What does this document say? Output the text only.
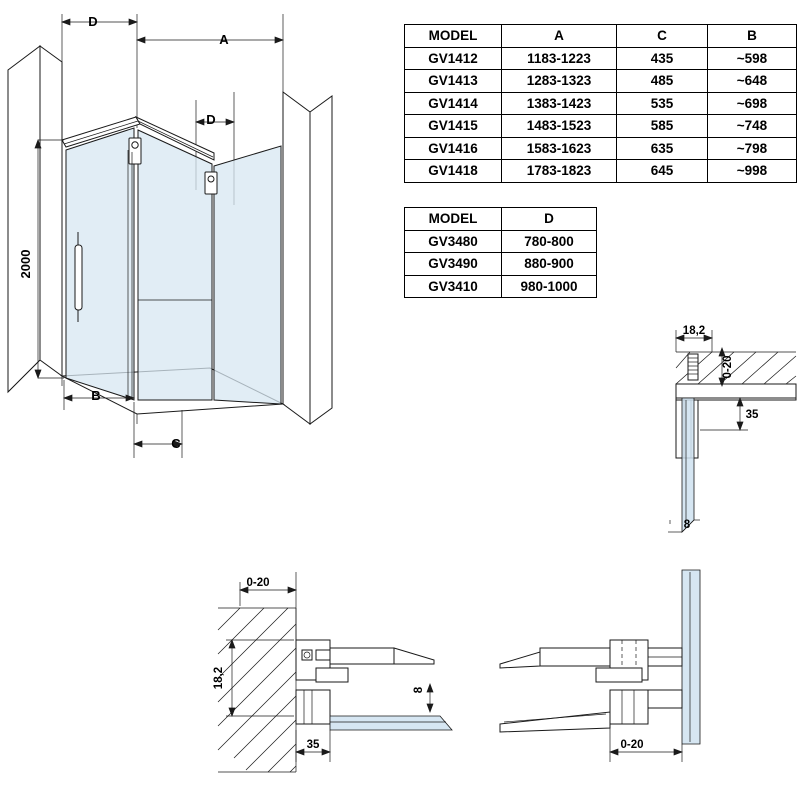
D
A
D
2000
B
C
MODEL	A	C	B
GV1412	1183-1223	435	~598
GV1413	1283-1323	485	~648
GV1414	1383-1423	535	~698
GV1415	1483-1523	585	~748
GV1416	1583-1623	635	~798
GV1418	1783-1823	645	~998
MODEL	D
GV3480	780-800
GV3490	880-900
GV3410	980-1000
18,2
0-20
35
8
0-20
18,2
35
8
0-20
